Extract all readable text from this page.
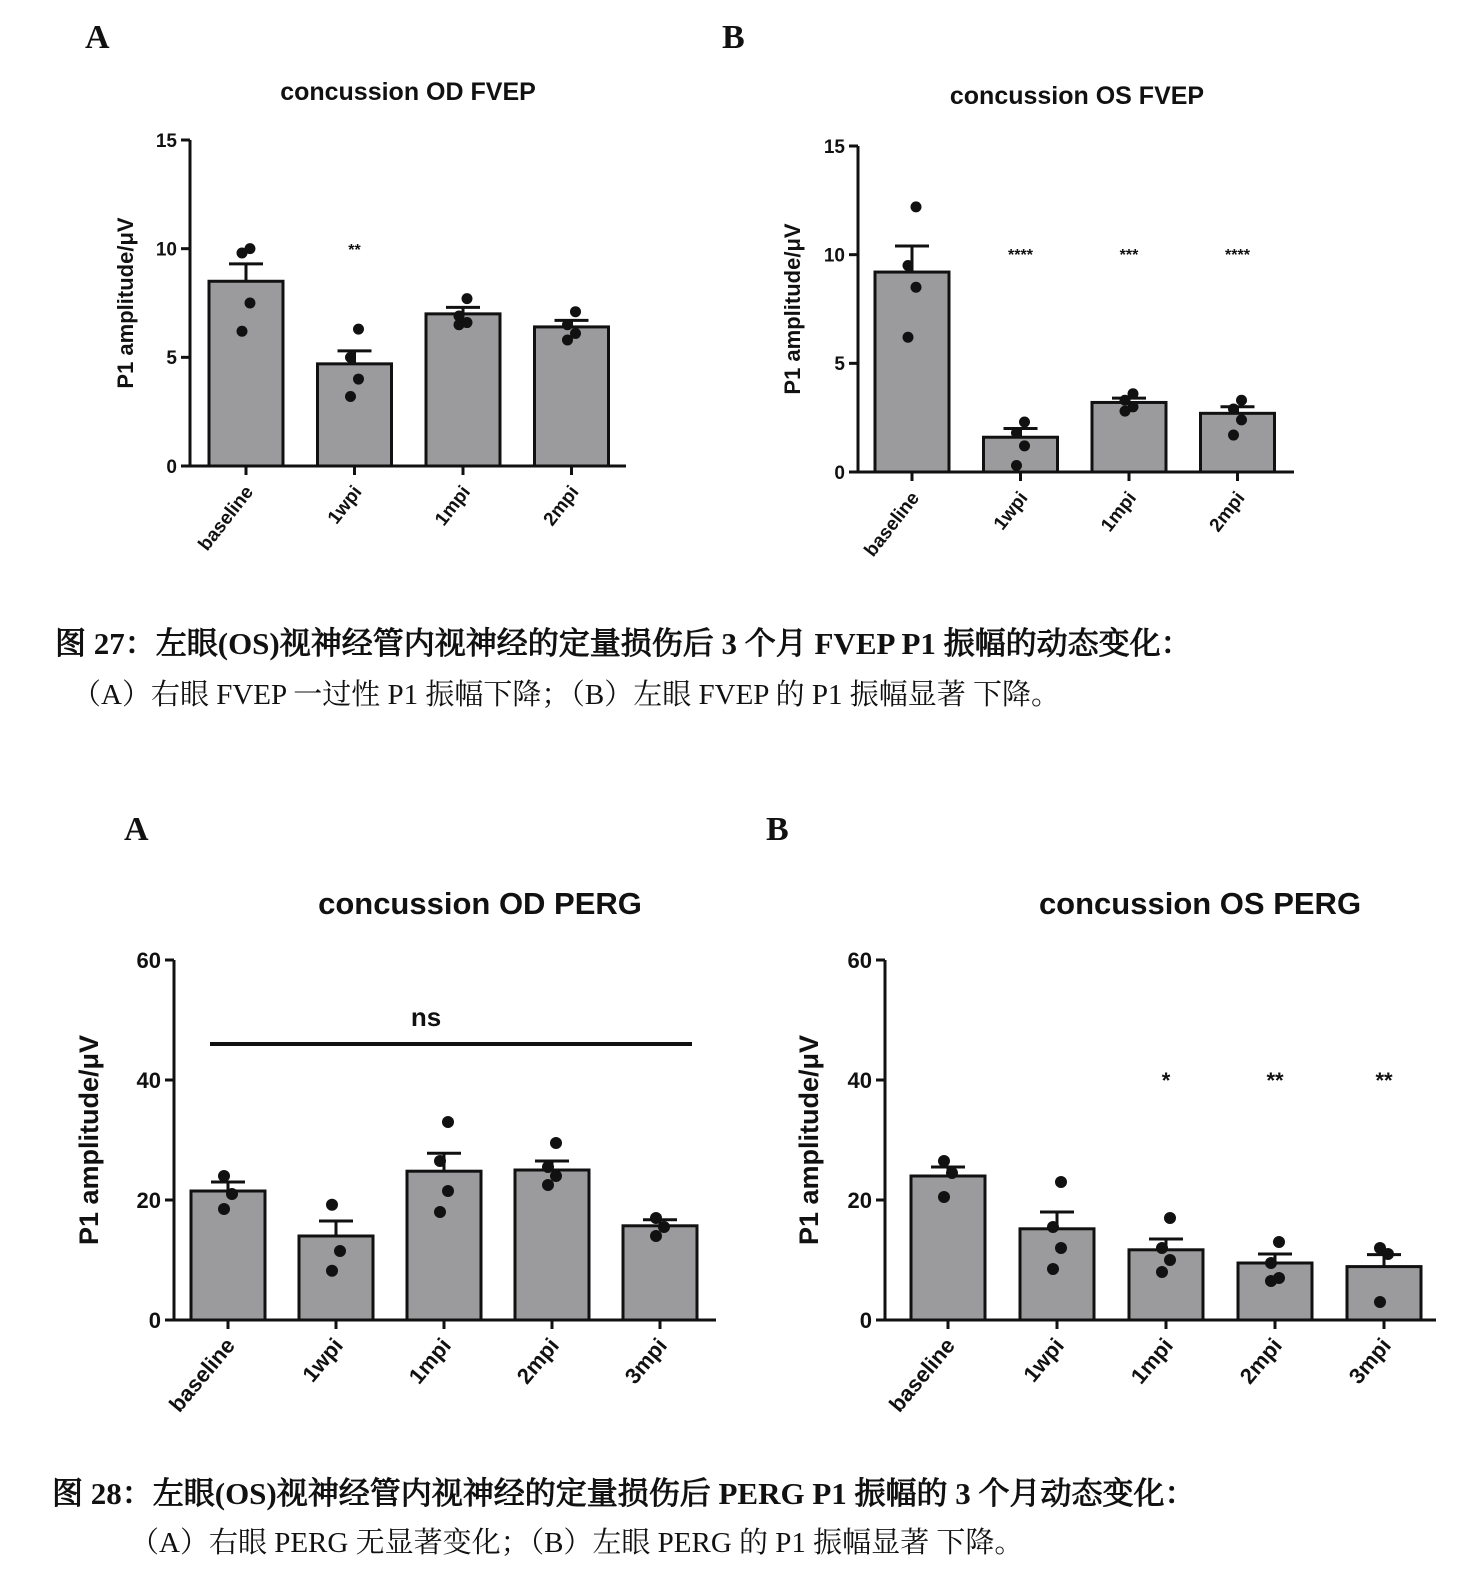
A
concussion OD FVEP
P1 amplitude/μV
0
5
10
15
baseline	1wpi
**
1mpi	2mpi
B
concussion OS FVEP
P1 amplitude/μV
0
5
10
15
baseline	1wpi
****
1mpi
***
2mpi
****
图 27：左眼(OS)视神经管内视神经的定量损伤后 3 个月 FVEP P1 振幅的动态变化：
（A）右眼 FVEP 一过性 P1 振幅下降；（B）左眼 FVEP 的 P1 振幅显著 下降。
A
concussion OD PERG
P1 amplitude/μV
0
20
40
60
baseline	1wpi	1mpi	2mpi	3mpi
ns
B
concussion OS PERG
P1 amplitude/μV
0
20
40
60
baseline	1wpi	1mpi
*
2mpi
**
3mpi
**
图 28：左眼(OS)视神经管内视神经的定量损伤后 PERG P1 振幅的 3 个月动态变化：
（A）右眼 PERG 无显著变化；（B）左眼 PERG 的 P1 振幅显著 下降。
